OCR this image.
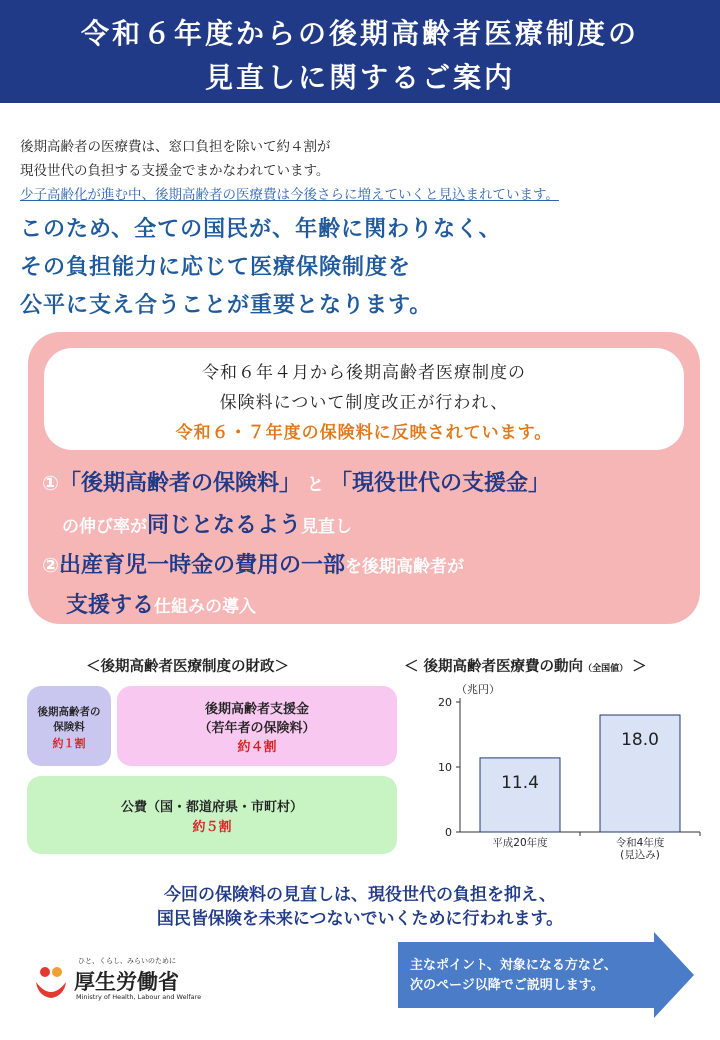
令和６年度からの後期高齢者医療制度の
見直しに関するご案内
後期高齢者の医療費は、窓口負担を除いて約４割が
現役世代の負担する支援金でまかなわれています。
少子高齢化が進む中、後期高齢者の医療費は今後さらに増えていくと見込まれています。
このため、全ての国民が、年齢に関わりなく、
その負担能力に応じて医療保険制度を
公平に支え合うことが重要となります。
令和６年４月から後期高齢者医療制度の
保険料について制度改正が行われ、
令和６・７年度の保険料に反映されています。
①「後期高齢者の保険料」 と 「現役世代の支援金」
の伸び率が同じとなるよう見直し
②出産育児一時金の費用の一部を後期高齢者が
支援する仕組みの導入
＜後期高齢者医療制度の財政＞
後期高齢者の
保険料
約１割
後期高齢者支援金
（若年者の保険料）
約４割
公費（国・都道府県・市町村）
約５割
＜ 後期高齢者医療費の動向（全国値） ＞
（兆円）
0
10
20
11.4
平成20年度
18.0
令和4年度
(見込み)
今回の保険料の見直しは、現役世代の負担を抑え、
国民皆保険を未来につないでいくために行われます。
主なポイント、対象になる方など、
次のページ以降でご説明します。
ひと、くらし、みらいのために
厚生労働省
Ministry of Health, Labour and Welfare
